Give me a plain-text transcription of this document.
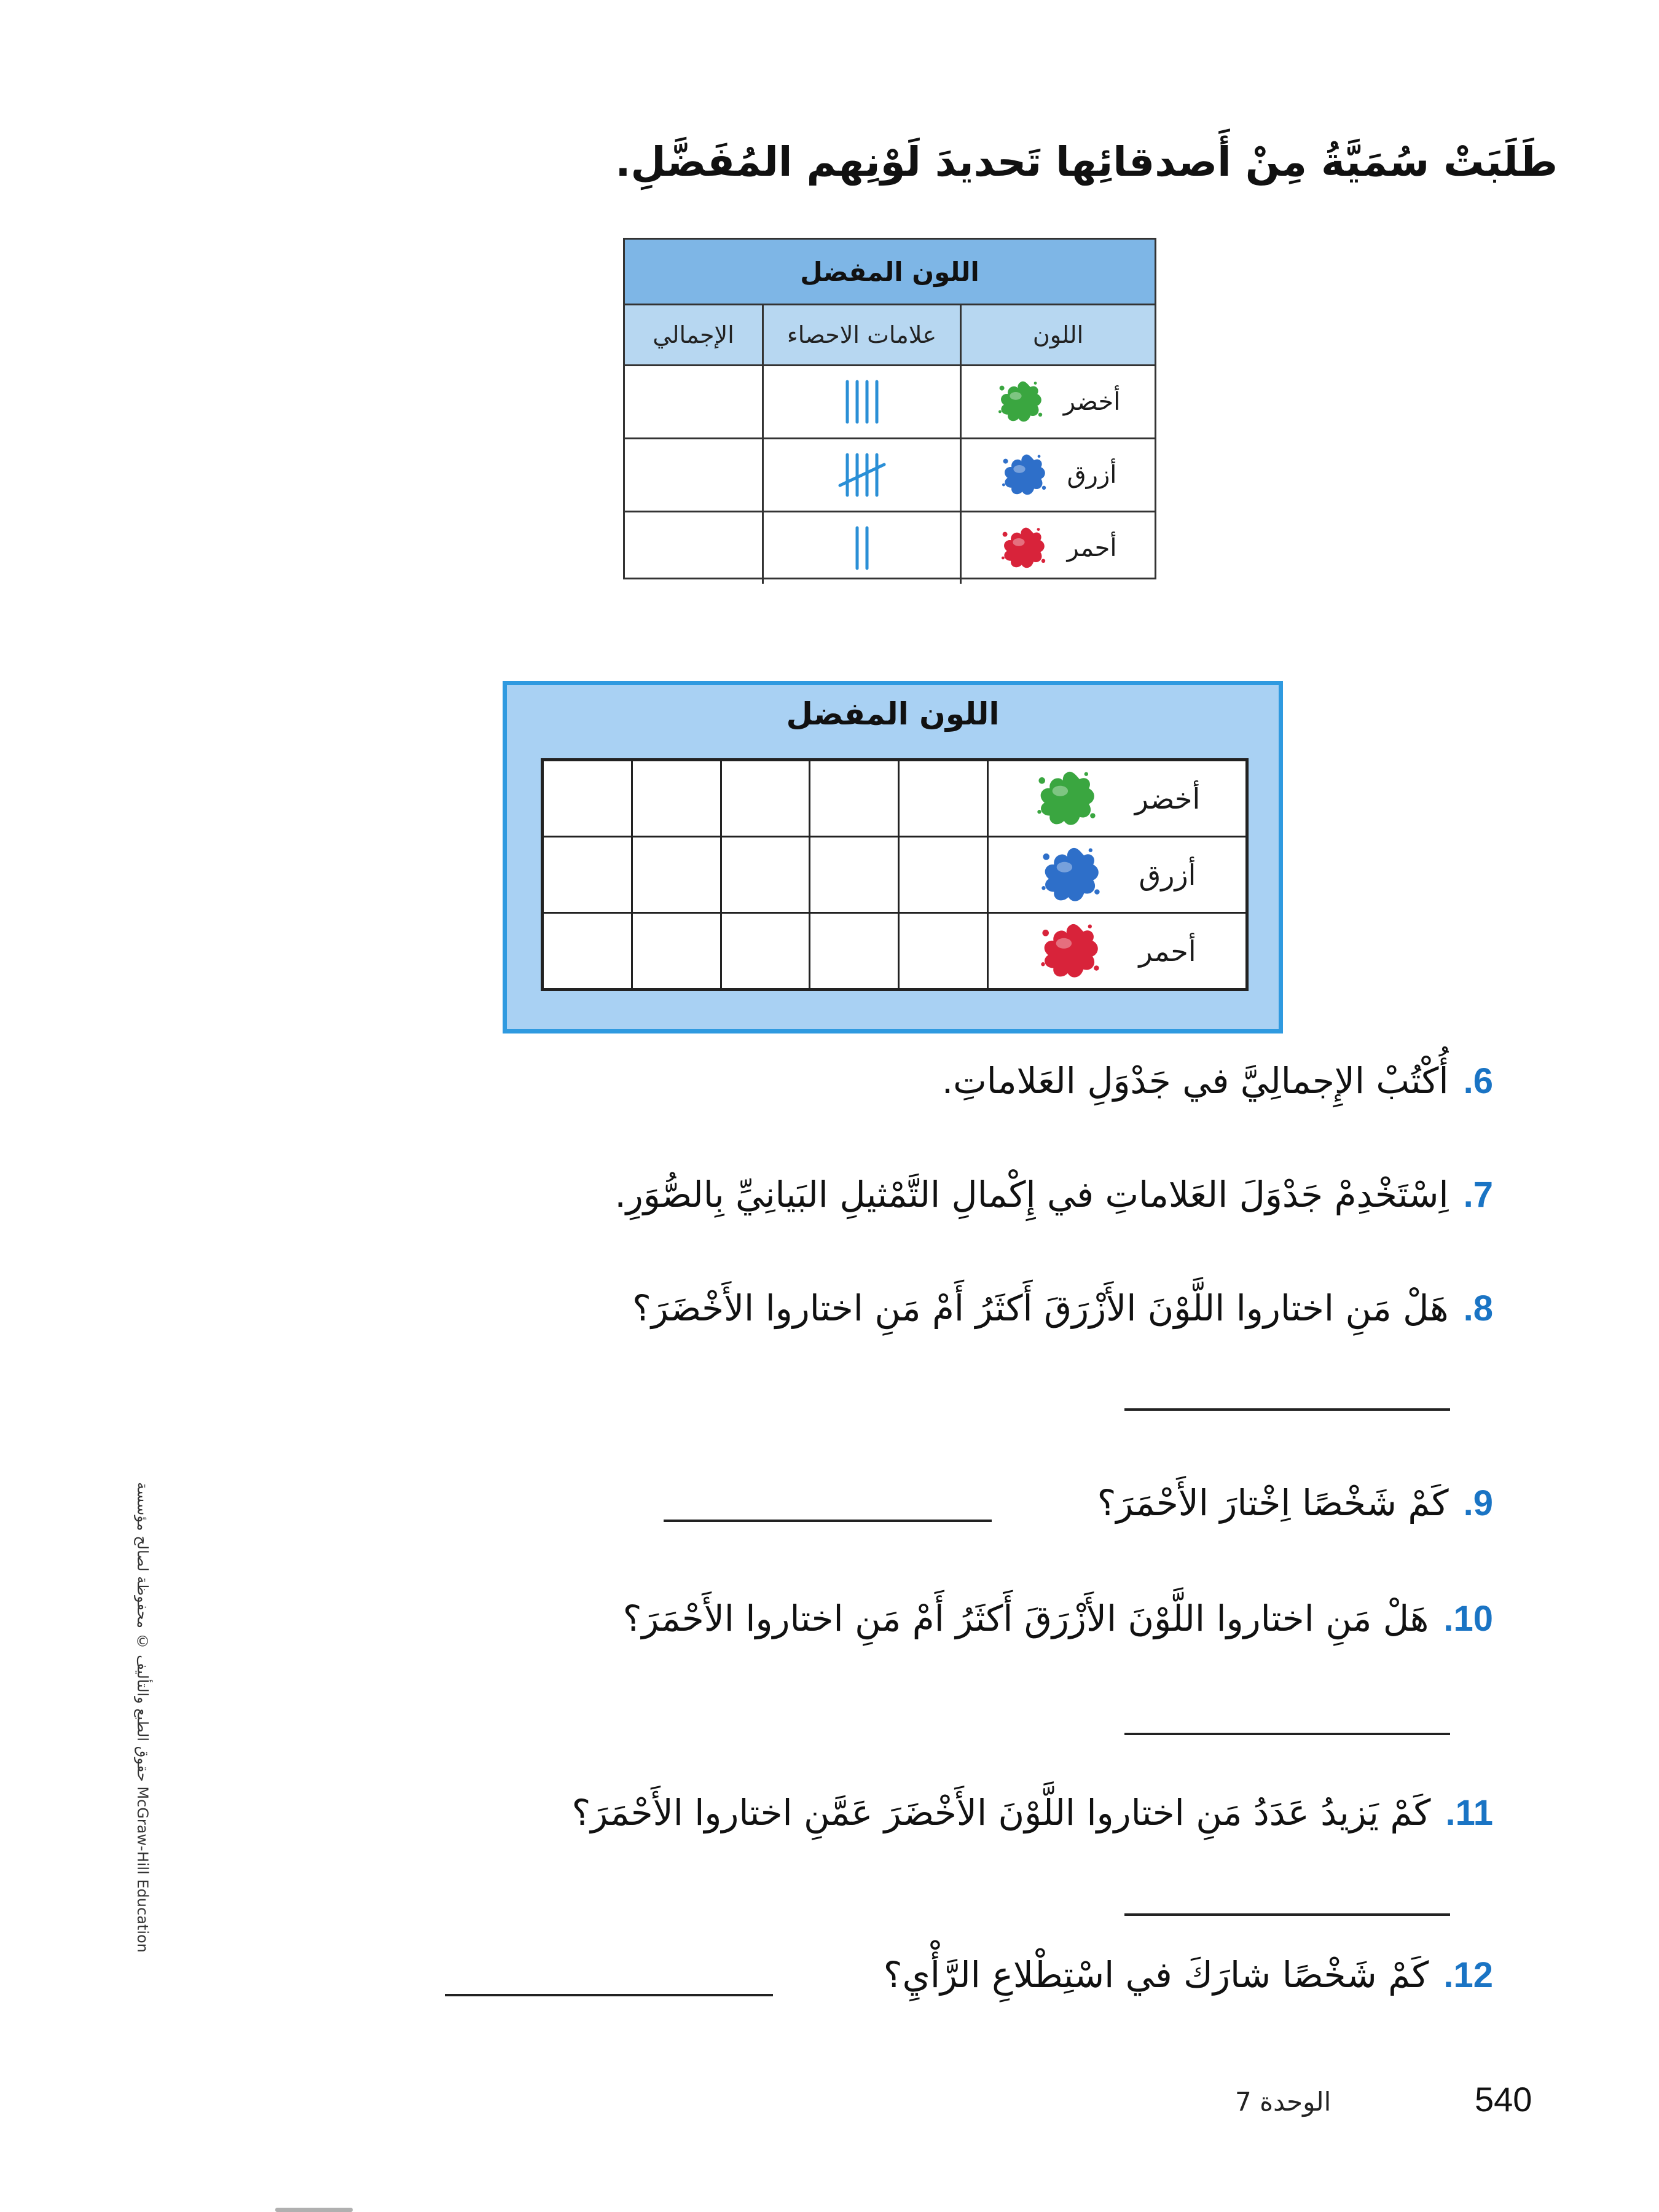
طَلَبَتْ سُمَيَّةُ مِنْ أَصدقائِها تَحديدَ لَوْنِهم المُفَضَّلِ.
اللون المفضل
اللون
علامات الاحصاء
الإجمالي
أخضر
أزرق
أحمر
اللون المفضل
أخضر
أزرق
أحمر
6.أُكْتُبْ الإِجمالِيَّ في جَدْوَلِ العَلاماتِ.
7.اِسْتَخْدِمْ جَدْوَلَ العَلاماتِ في إِكْمالِ التَّمْثيلِ البَيانِيِّ بِالصُّوَرِ.
8.هَلْ مَنِ اختاروا اللَّوْنَ الأَزْرَقَ أَكثَرُ أَمْ مَنِ اختاروا الأَخْضَرَ؟
9.كَمْ شَخْصًا اِخْتارَ الأَحْمَرَ؟
10.هَلْ مَنِ اختاروا اللَّوْنَ الأَزْرَقَ أَكثَرُ أَمْ مَنِ اختاروا الأَحْمَرَ؟
11.كَمْ يَزيدُ عَدَدُ مَنِ اختاروا اللَّوْنَ الأَخْضَرَ عَمَّنِ اختاروا الأَحْمَرَ؟
12.كَمْ شَخْصًا شارَكَ في اسْتِطْلاعِ الرَّأْيِ؟
حقوق الطبع والتأليف © محفوظة لصالح مؤسسة McGraw-Hill Education
الوحدة 7	540
